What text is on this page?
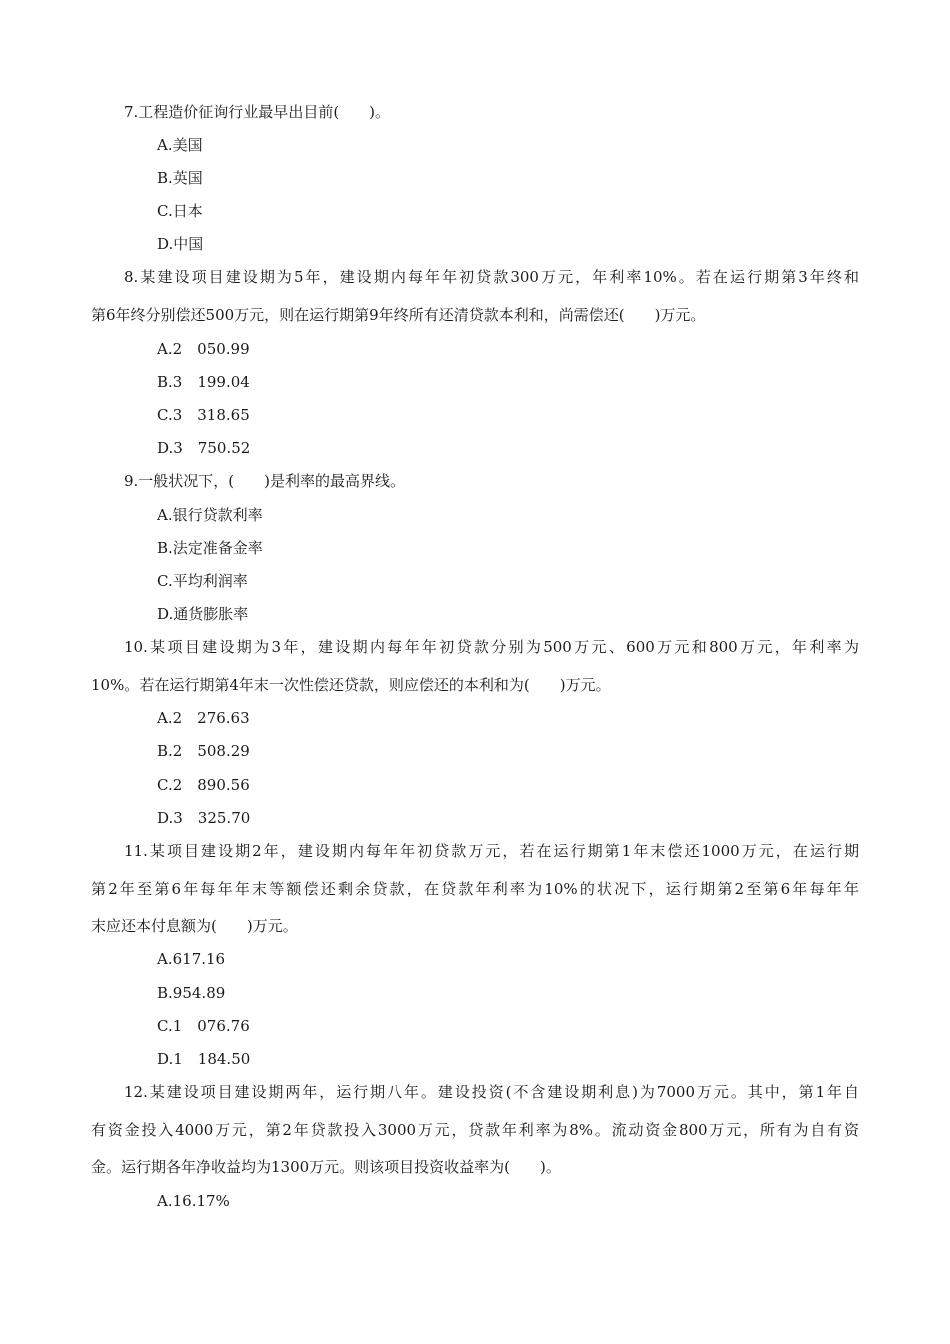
7.工程造价征询行业最早出目前(　　)。
A.美国
B.英国
C.日本
D.中国
8.某建设项目建设期为5年，建设期内每年年初贷款300万元，年利率10%。若在运行期第3年终和
第6年终分别偿还500万元，则在运行期第9年终所有还清贷款本利和，尚需偿还(　　)万元。
A.2　050.99
B.3　199.04
C.3　318.65
D.3　750.52
9.一般状况下，(　　)是利率的最高界线。
A.银行贷款利率
B.法定准备金率
C.平均利润率
D.通货膨胀率
10.某项目建设期为3年，建设期内每年年初贷款分别为500万元、600万元和800万元，年利率为
10%。若在运行期第4年末一次性偿还贷款，则应偿还的本利和为(　　)万元。
A.2　276.63
B.2　508.29
C.2　890.56
D.3　325.70
11.某项目建设期2年，建设期内每年年初贷款万元，若在运行期第1年末偿还1000万元，在运行期
第2年至第6年每年年末等额偿还剩余贷款，在贷款年利率为10%的状况下，运行期第2至第6年每年年
末应还本付息额为(　　)万元。
A.617.16
B.954.89
C.1　076.76
D.1　184.50
12.某建设项目建设期两年，运行期八年。建设投资(不含建设期利息)为7000万元。其中，第1年自
有资金投入4000万元，第2年贷款投入3000万元，贷款年利率为8%。流动资金800万元，所有为自有资
金。运行期各年净收益均为1300万元。则该项目投资收益率为(　　)。
A.16.17%
